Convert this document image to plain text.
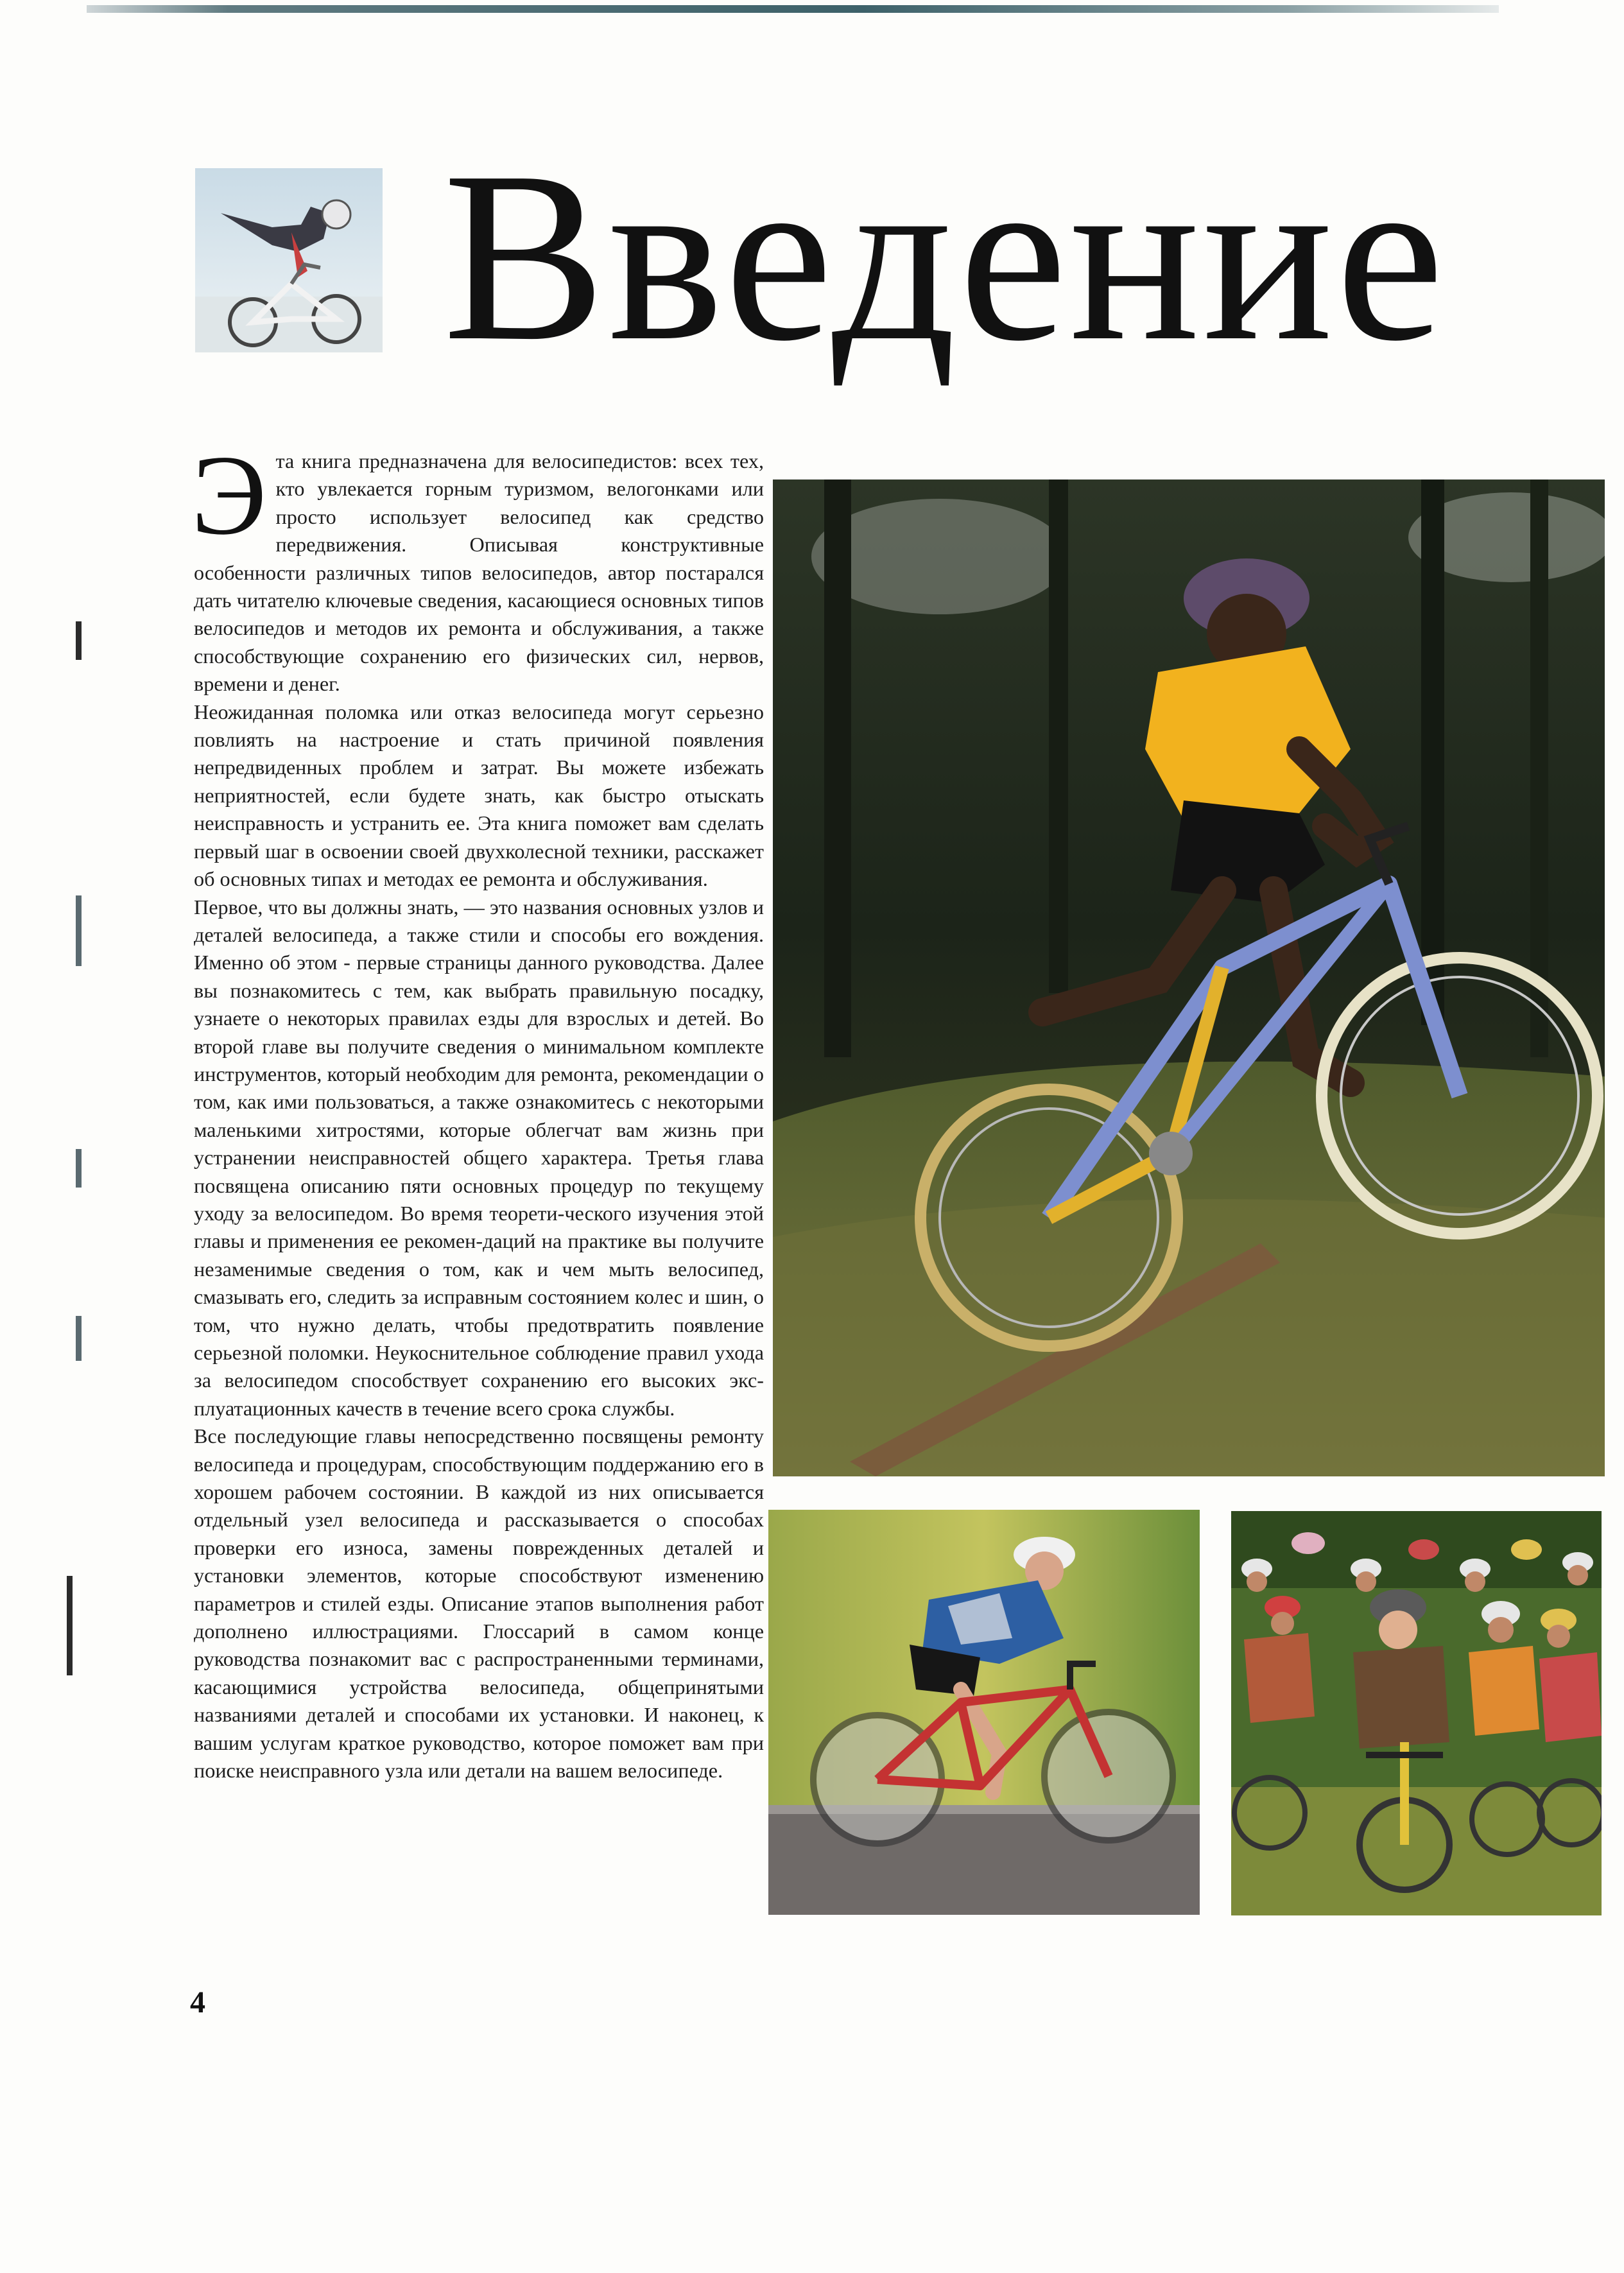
Введение

Эта книга предназначена для велосипедистов: всех тех, кто увлекается горным туризмом, велогонками или просто использует велосипед как средство передвижения. Описывая конструктивные особенности различных типов велосипедов, автор постарался дать читателю ключевые сведения, касающиеся основных типов велосипедов и методов их ремонта и обслуживания, а также способствующие сохранению его физических сил, нервов, времени и денег.

Неожиданная поломка или отказ велосипеда могут серьезно повлиять на настроение и стать причиной появления непредвиденных проблем и затрат. Вы можете избежать неприятностей, если будете знать, как быстро отыскать неисправность и устранить ее. Эта книга поможет вам сделать первый шаг в освоении своей двухколесной техники, расскажет об основных типах и методах ее ремонта и обслуживания.

Первое, что вы должны знать, — это названия основных узлов и деталей велосипеда, а также стили и способы его вождения. Именно об этом - первые страницы данного руководства. Далее вы познакомитесь с тем, как выбрать правильную посадку, узнаете о некоторых правилах езды для взрослых и детей. Во второй главе вы получите сведения о минимальном комплекте инструментов, который необходим для ремонта, рекомендации о том, как ими пользоваться, а также ознакомитесь с некоторыми маленькими хитростями, которые облегчат вам жизнь при устранении неисправностей общего характера. Третья глава посвящена описанию пяти основных процедур по текущему уходу за велосипедом. Во время теорети-ческого изучения этой главы и применения ее рекомен-даций на практике вы получите незаменимые сведения о том, как и чем мыть велосипед, смазывать его, следить за исправным состоянием колес и шин, о том, что нужно делать, чтобы предотвратить появление серьезной поломки. Неукоснительное соблюдение правил ухода за велосипедом способствует сохранению его высоких экс-плуатационных качеств в течение всего срока службы.

Все последующие главы непосредственно посвящены ремонту велосипеда и процедурам, способствующим поддержанию его в хорошем рабочем состоянии. В каждой из них описывается отдельный узел велосипеда и рассказывается о способах проверки его износа, замены поврежденных деталей и установки элементов, которые способствуют изменению параметров и стилей езды. Описание этапов выполнения работ дополнено иллюстрациями. Глоссарий в самом конце руководства познакомит вас с распространенными терминами, касающимися устройства велосипеда, общепринятыми названиями деталей и способами их установки. И наконец, к вашим услугам краткое руководство, которое поможет вам при поиске неисправного узла или детали на вашем велосипеде.

4
